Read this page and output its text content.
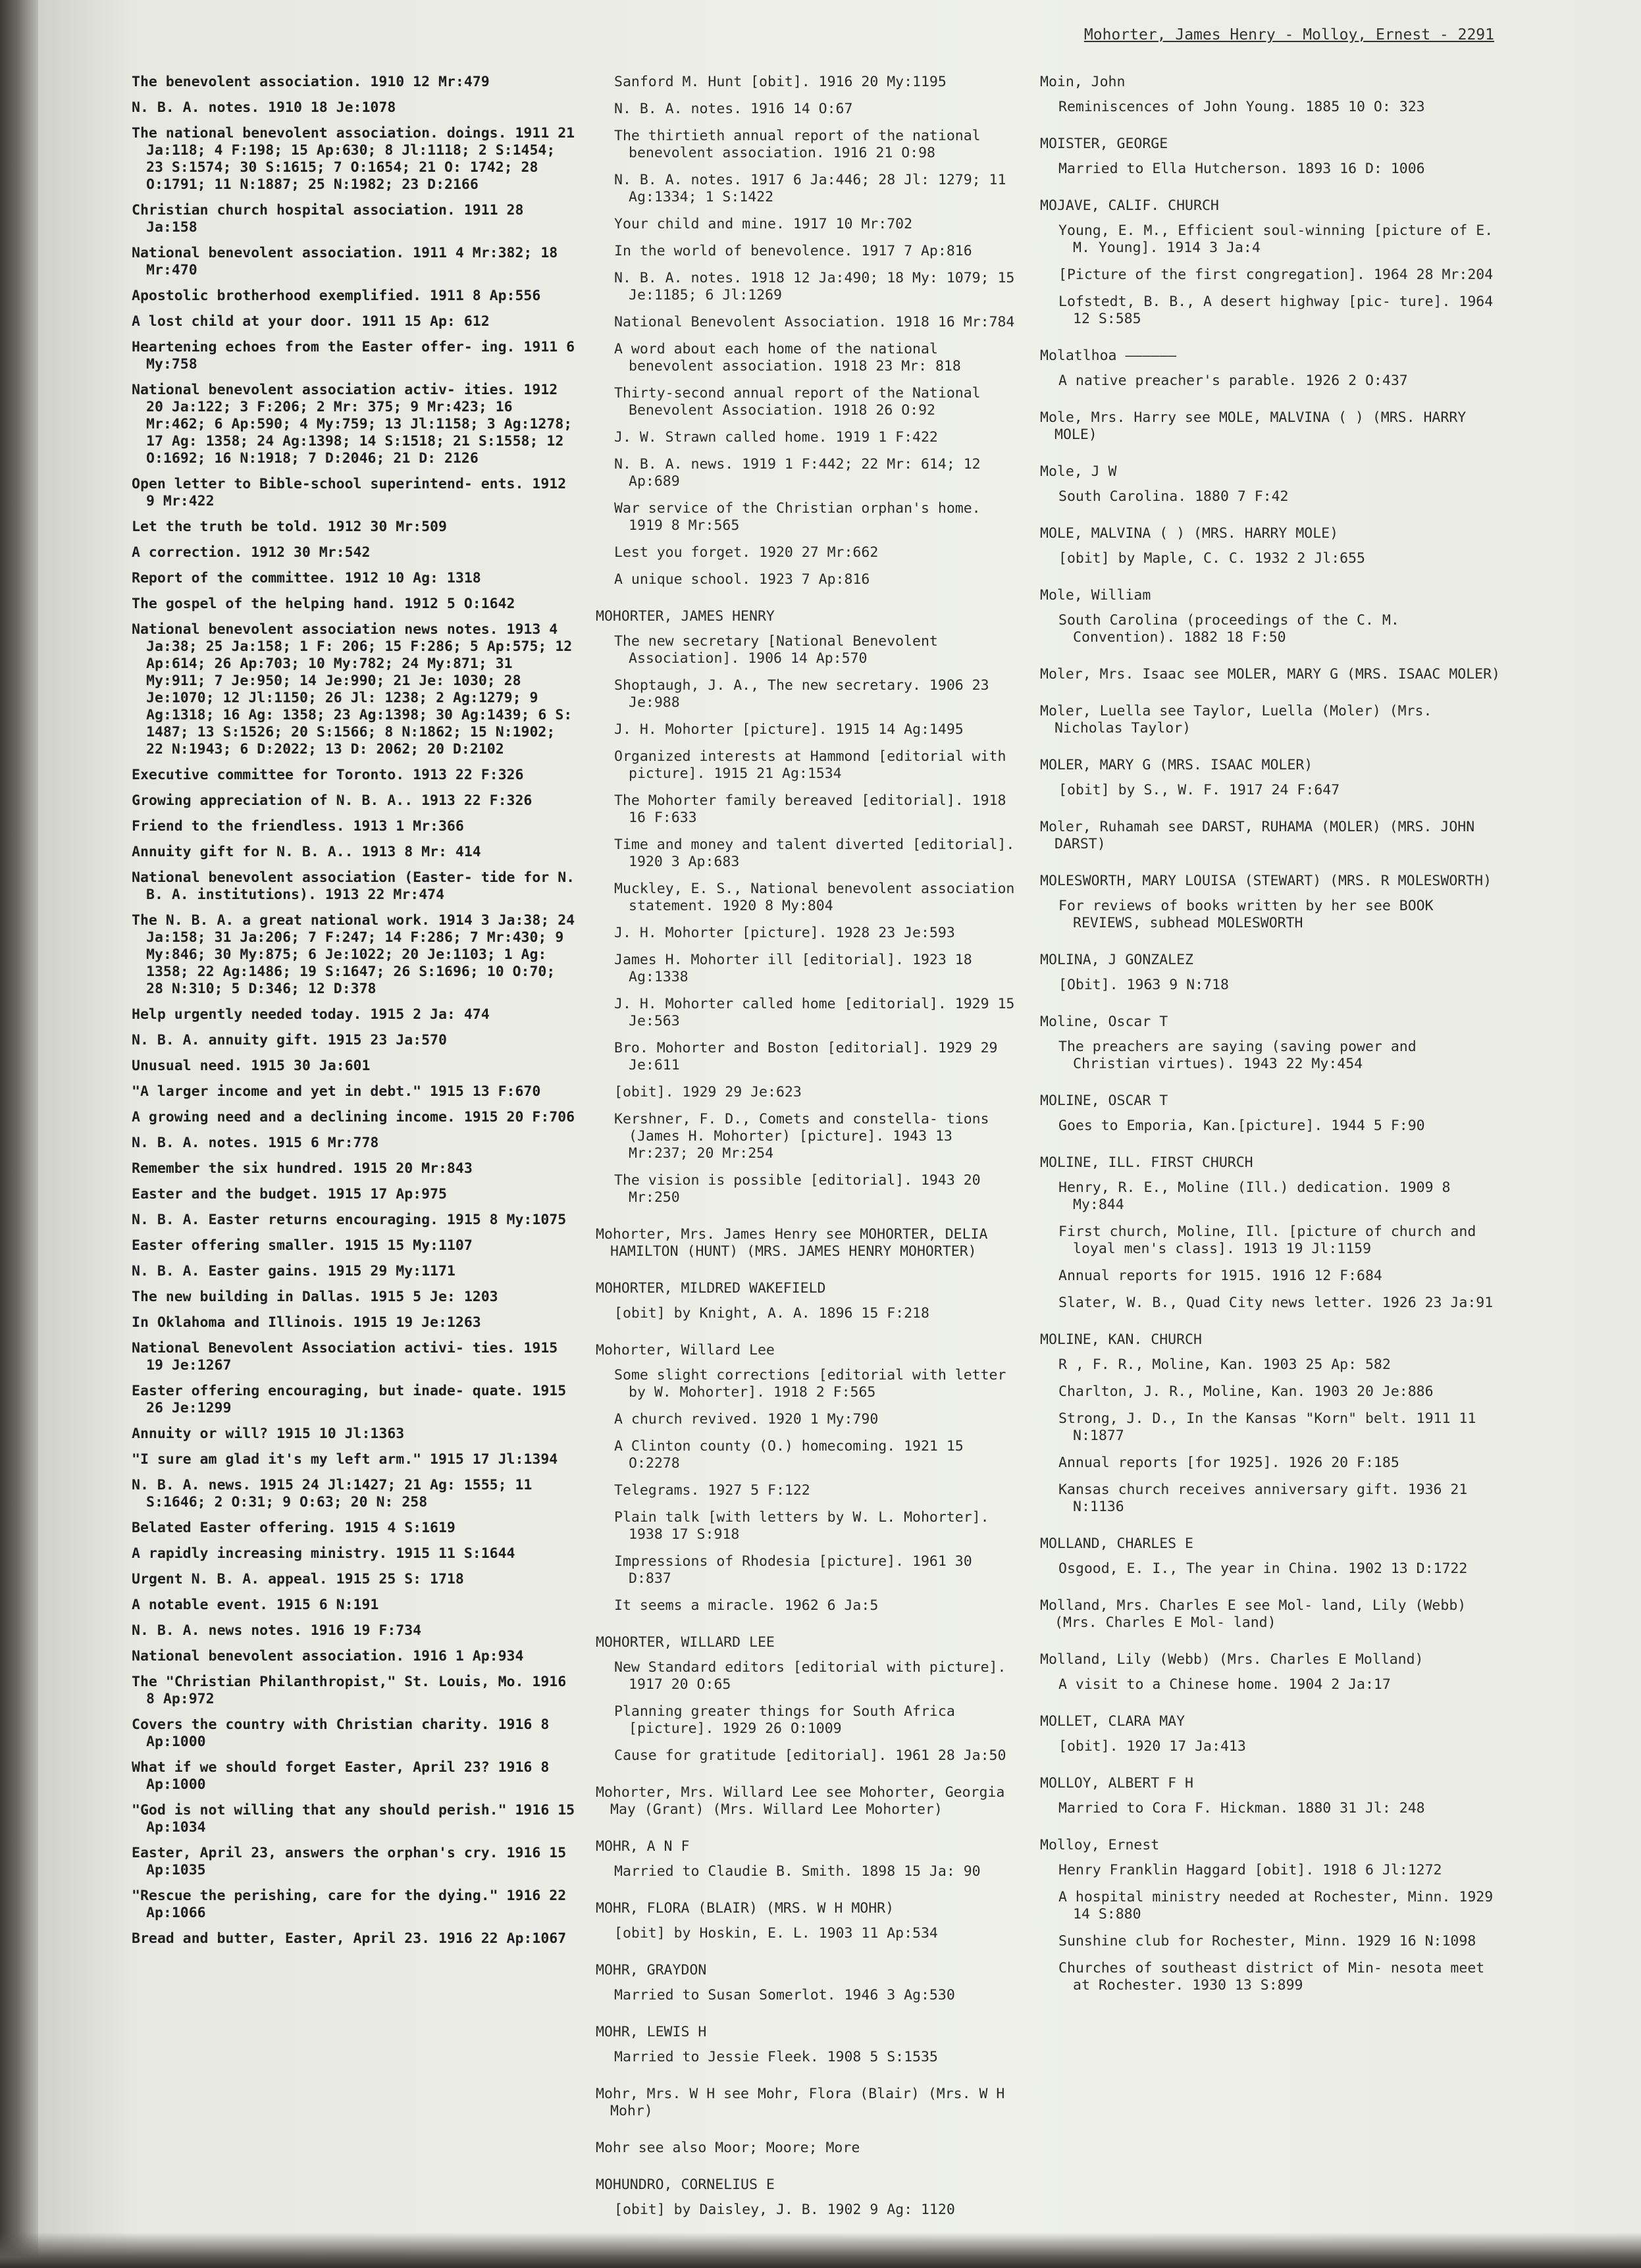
Mohorter, James Henry - Molloy, Ernest - 2291
The benevolent association. 1910 12 Mr:479
N. B. A. notes. 1910 18 Je:1078
The national benevolent association. doings. 1911 21 Ja:118; 4 F:198; 15 Ap:630; 8 Jl:1118; 2 S:1454; 23 S:1574; 30 S:1615; 7 O:1654; 21 O: 1742; 28 O:1791; 11 N:1887; 25 N:1982; 23 D:2166
Christian church hospital association. 1911 28 Ja:158
National benevolent association. 1911 4 Mr:382; 18 Mr:470
Apostolic brotherhood exemplified. 1911 8 Ap:556
A lost child at your door. 1911 15 Ap: 612
Heartening echoes from the Easter offer- ing. 1911 6 My:758
National benevolent association activ- ities. 1912 20 Ja:122; 3 F:206; 2 Mr: 375; 9 Mr:423; 16 Mr:462; 6 Ap:590; 4 My:759; 13 Jl:1158; 3 Ag:1278; 17 Ag: 1358; 24 Ag:1398; 14 S:1518; 21 S:1558; 12 O:1692; 16 N:1918; 7 D:2046; 21 D: 2126
Open letter to Bible-school superintend- ents. 1912 9 Mr:422
Let the truth be told. 1912 30 Mr:509
A correction. 1912 30 Mr:542
Report of the committee. 1912 10 Ag: 1318
The gospel of the helping hand. 1912 5 O:1642
National benevolent association news notes. 1913 4 Ja:38; 25 Ja:158; 1 F: 206; 15 F:286; 5 Ap:575; 12 Ap:614; 26 Ap:703; 10 My:782; 24 My:871; 31 My:911; 7 Je:950; 14 Je:990; 21 Je: 1030; 28 Je:1070; 12 Jl:1150; 26 Jl: 1238; 2 Ag:1279; 9 Ag:1318; 16 Ag: 1358; 23 Ag:1398; 30 Ag:1439; 6 S: 1487; 13 S:1526; 20 S:1566; 8 N:1862; 15 N:1902; 22 N:1943; 6 D:2022; 13 D: 2062; 20 D:2102
Executive committee for Toronto. 1913 22 F:326
Growing appreciation of N. B. A.. 1913 22 F:326
Friend to the friendless. 1913 1 Mr:366
Annuity gift for N. B. A.. 1913 8 Mr: 414
National benevolent association (Easter- tide for N. B. A. institutions). 1913 22 Mr:474
The N. B. A. a great national work. 1914 3 Ja:38; 24 Ja:158; 31 Ja:206; 7 F:247; 14 F:286; 7 Mr:430; 9 My:846; 30 My:875; 6 Je:1022; 20 Je:1103; 1 Ag: 1358; 22 Ag:1486; 19 S:1647; 26 S:1696; 10 O:70; 28 N:310; 5 D:346; 12 D:378
Help urgently needed today. 1915 2 Ja: 474
N. B. A. annuity gift. 1915 23 Ja:570
Unusual need. 1915 30 Ja:601
"A larger income and yet in debt." 1915 13 F:670
A growing need and a declining income. 1915 20 F:706
N. B. A. notes. 1915 6 Mr:778
Remember the six hundred. 1915 20 Mr:843
Easter and the budget. 1915 17 Ap:975
N. B. A. Easter returns encouraging. 1915 8 My:1075
Easter offering smaller. 1915 15 My:1107
N. B. A. Easter gains. 1915 29 My:1171
The new building in Dallas. 1915 5 Je: 1203
In Oklahoma and Illinois. 1915 19 Je:1263
National Benevolent Association activi- ties. 1915 19 Je:1267
Easter offering encouraging, but inade- quate. 1915 26 Je:1299
Annuity or will? 1915 10 Jl:1363
"I sure am glad it's my left arm." 1915 17 Jl:1394
N. B. A. news. 1915 24 Jl:1427; 21 Ag: 1555; 11 S:1646; 2 O:31; 9 O:63; 20 N: 258
Belated Easter offering. 1915 4 S:1619
A rapidly increasing ministry. 1915 11 S:1644
Urgent N. B. A. appeal. 1915 25 S: 1718
A notable event. 1915 6 N:191
N. B. A. news notes. 1916 19 F:734
National benevolent association. 1916 1 Ap:934
The "Christian Philanthropist," St. Louis, Mo. 1916 8 Ap:972
Covers the country with Christian charity. 1916 8 Ap:1000
What if we should forget Easter, April 23? 1916 8 Ap:1000
"God is not willing that any should perish." 1916 15 Ap:1034
Easter, April 23, answers the orphan's cry. 1916 15 Ap:1035
"Rescue the perishing, care for the dying." 1916 22 Ap:1066
Bread and butter, Easter, April 23. 1916 22 Ap:1067
Sanford M. Hunt [obit]. 1916 20 My:1195
N. B. A. notes. 1916 14 O:67
The thirtieth annual report of the national benevolent association. 1916 21 O:98
N. B. A. notes. 1917 6 Ja:446; 28 Jl: 1279; 11 Ag:1334; 1 S:1422
Your child and mine. 1917 10 Mr:702
In the world of benevolence. 1917 7 Ap:816
N. B. A. notes. 1918 12 Ja:490; 18 My: 1079; 15 Je:1185; 6 Jl:1269
National Benevolent Association. 1918 16 Mr:784
A word about each home of the national benevolent association. 1918 23 Mr: 818
Thirty-second annual report of the National Benevolent Association. 1918 26 O:92
J. W. Strawn called home. 1919 1 F:422
N. B. A. news. 1919 1 F:442; 22 Mr: 614; 12 Ap:689
War service of the Christian orphan's home. 1919 8 Mr:565
Lest you forget. 1920 27 Mr:662
A unique school. 1923 7 Ap:816
MOHORTER, JAMES HENRY
The new secretary [National Benevolent Association]. 1906 14 Ap:570
Shoptaugh, J. A., The new secretary. 1906 23 Je:988
J. H. Mohorter [picture]. 1915 14 Ag:1495
Organized interests at Hammond [editorial with picture]. 1915 21 Ag:1534
The Mohorter family bereaved [editorial]. 1918 16 F:633
Time and money and talent diverted [editorial]. 1920 3 Ap:683
Muckley, E. S., National benevolent association statement. 1920 8 My:804
J. H. Mohorter [picture]. 1928 23 Je:593
James H. Mohorter ill [editorial]. 1923 18 Ag:1338
J. H. Mohorter called home [editorial]. 1929 15 Je:563
Bro. Mohorter and Boston [editorial]. 1929 29 Je:611
[obit]. 1929 29 Je:623
Kershner, F. D., Comets and constella- tions (James H. Mohorter) [picture]. 1943 13 Mr:237; 20 Mr:254
The vision is possible [editorial]. 1943 20 Mr:250
Mohorter, Mrs. James Henry see MOHORTER, DELIA HAMILTON (HUNT) (MRS. JAMES HENRY MOHORTER)
MOHORTER, MILDRED WAKEFIELD
[obit] by Knight, A. A. 1896 15 F:218
Mohorter, Willard Lee
Some slight corrections [editorial with letter by W. Mohorter]. 1918 2 F:565
A church revived. 1920 1 My:790
A Clinton county (O.) homecoming. 1921 15 O:2278
Telegrams. 1927 5 F:122
Plain talk [with letters by W. L. Mohorter]. 1938 17 S:918
Impressions of Rhodesia [picture]. 1961 30 D:837
It seems a miracle. 1962 6 Ja:5
MOHORTER, WILLARD LEE
New Standard editors [editorial with picture]. 1917 20 O:65
Planning greater things for South Africa [picture]. 1929 26 O:1009
Cause for gratitude [editorial]. 1961 28 Ja:50
Mohorter, Mrs. Willard Lee see Mohorter, Georgia May (Grant) (Mrs. Willard Lee Mohorter)
MOHR, A N F
Married to Claudie B. Smith. 1898 15 Ja: 90
MOHR, FLORA (BLAIR) (MRS. W H MOHR)
[obit] by Hoskin, E. L. 1903 11 Ap:534
MOHR, GRAYDON
Married to Susan Somerlot. 1946 3 Ag:530
MOHR, LEWIS H
Married to Jessie Fleek. 1908 5 S:1535
Mohr, Mrs. W H see Mohr, Flora (Blair) (Mrs. W H Mohr)
Mohr see also Moor; Moore; More
MOHUNDRO, CORNELIUS E
[obit] by Daisley, J. B. 1902 9 Ag: 1120
Moin, John
Reminiscences of John Young. 1885 10 O: 323
MOISTER, GEORGE
Married to Ella Hutcherson. 1893 16 D: 1006
MOJAVE, CALIF. CHURCH
Young, E. M., Efficient soul-winning [picture of E. M. Young]. 1914 3 Ja:4
[Picture of the first congregation]. 1964 28 Mr:204
Lofstedt, B. B., A desert highway [pic- ture]. 1964 12 S:585
Molatlhoa ——————
A native preacher's parable. 1926 2 O:437
Mole, Mrs. Harry see MOLE, MALVINA ( ) (MRS. HARRY MOLE)
Mole, J W
South Carolina. 1880 7 F:42
MOLE, MALVINA ( ) (MRS. HARRY MOLE)
[obit] by Maple, C. C. 1932 2 Jl:655
Mole, William
South Carolina (proceedings of the C. M. Convention). 1882 18 F:50
Moler, Mrs. Isaac see MOLER, MARY G (MRS. ISAAC MOLER)
Moler, Luella see Taylor, Luella (Moler) (Mrs. Nicholas Taylor)
MOLER, MARY G (MRS. ISAAC MOLER)
[obit] by S., W. F. 1917 24 F:647
Moler, Ruhamah see DARST, RUHAMA (MOLER) (MRS. JOHN DARST)
MOLESWORTH, MARY LOUISA (STEWART) (MRS. R MOLESWORTH)
For reviews of books written by her see BOOK REVIEWS, subhead MOLESWORTH
MOLINA, J GONZALEZ
[Obit]. 1963 9 N:718
Moline, Oscar T
The preachers are saying (saving power and Christian virtues). 1943 22 My:454
MOLINE, OSCAR T
Goes to Emporia, Kan.[picture]. 1944 5 F:90
MOLINE, ILL. FIRST CHURCH
Henry, R. E., Moline (Ill.) dedication. 1909 8 My:844
First church, Moline, Ill. [picture of church and loyal men's class]. 1913 19 Jl:1159
Annual reports for 1915. 1916 12 F:684
Slater, W. B., Quad City news letter. 1926 23 Ja:91
MOLINE, KAN. CHURCH
R , F. R., Moline, Kan. 1903 25 Ap: 582
Charlton, J. R., Moline, Kan. 1903 20 Je:886
Strong, J. D., In the Kansas "Korn" belt. 1911 11 N:1877
Annual reports [for 1925]. 1926 20 F:185
Kansas church receives anniversary gift. 1936 21 N:1136
MOLLAND, CHARLES E
Osgood, E. I., The year in China. 1902 13 D:1722
Molland, Mrs. Charles E see Mol- land, Lily (Webb) (Mrs. Charles E Mol- land)
Molland, Lily (Webb) (Mrs. Charles E Molland)
A visit to a Chinese home. 1904 2 Ja:17
MOLLET, CLARA MAY
[obit]. 1920 17 Ja:413
MOLLOY, ALBERT F H
Married to Cora F. Hickman. 1880 31 Jl: 248
Molloy, Ernest
Henry Franklin Haggard [obit]. 1918 6 Jl:1272
A hospital ministry needed at Rochester, Minn. 1929 14 S:880
Sunshine club for Rochester, Minn. 1929 16 N:1098
Churches of southeast district of Min- nesota meet at Rochester. 1930 13 S:899
